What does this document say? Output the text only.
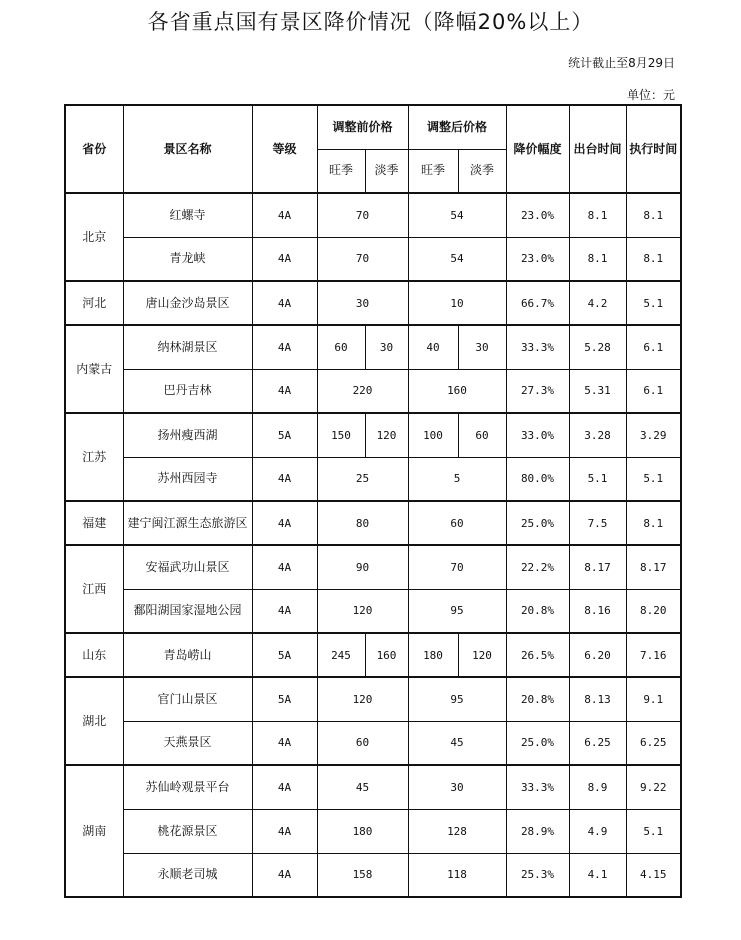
各省重点国有景区降价情况（降幅20%以上）
统计截止至8月29日
单位：元
省份	景区名称	等级	调整前价格		调整后价格		降价幅度	出台时间	执行时间
			旺季	淡季	旺季	淡季			
北京	红螺寺	4A	70		54		23.0%	8.1	8.1
	青龙峡	4A	70		54		23.0%	8.1	8.1
河北	唐山金沙岛景区	4A	30		10		66.7%	4.2	5.1
内蒙古	纳林湖景区	4A	60	30	40	30	33.3%	5.28	6.1
	巴丹吉林	4A	220		160		27.3%	5.31	6.1
江苏	扬州瘦西湖	5A	150	120	100	60	33.0%	3.28	3.29
	苏州西园寺	4A	25		5		80.0%	5.1	5.1
福建	建宁闽江源生态旅游区	4A	80		60		25.0%	7.5	8.1
江西	安福武功山景区	4A	90		70		22.2%	8.17	8.17
	鄱阳湖国家湿地公园	4A	120		95		20.8%	8.16	8.20
山东	青岛崂山	5A	245	160	180	120	26.5%	6.20	7.16
湖北	官门山景区	5A	120		95		20.8%	8.13	9.1
	天燕景区	4A	60		45		25.0%	6.25	6.25
湖南	苏仙岭观景平台	4A	45		30		33.3%	8.9	9.22
	桃花源景区	4A	180		128		28.9%	4.9	5.1
	永顺老司城	4A	158		118		25.3%	4.1	4.15
